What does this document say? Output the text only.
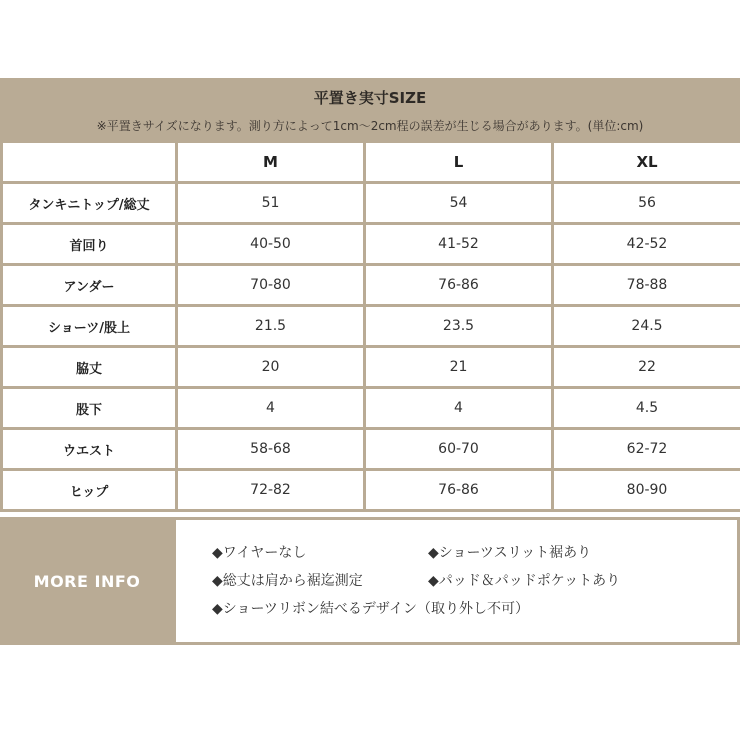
平置き実寸SIZE
※平置きサイズになります。測り方によって1cm〜2cm程の誤差が生じる場合があります。(単位:cm)
	M	L	XL
タンキニトップ/総丈	51	54	56
首回り	40-50	41-52	42-52
アンダー	70-80	76-86	78-88
ショーツ/股上	21.5	23.5	24.5
脇丈	20	21	22
股下	4	4	4.5
ウエスト	58-68	60-70	62-72
ヒップ	72-82	76-86	80-90
MORE INFO
◆ワイヤーなし	◆ショーツスリット裾あり
◆総丈は肩から裾迄測定	◆パッド＆パッドポケットあり
◆ショーツリボン結べるデザイン（取り外し不可）
